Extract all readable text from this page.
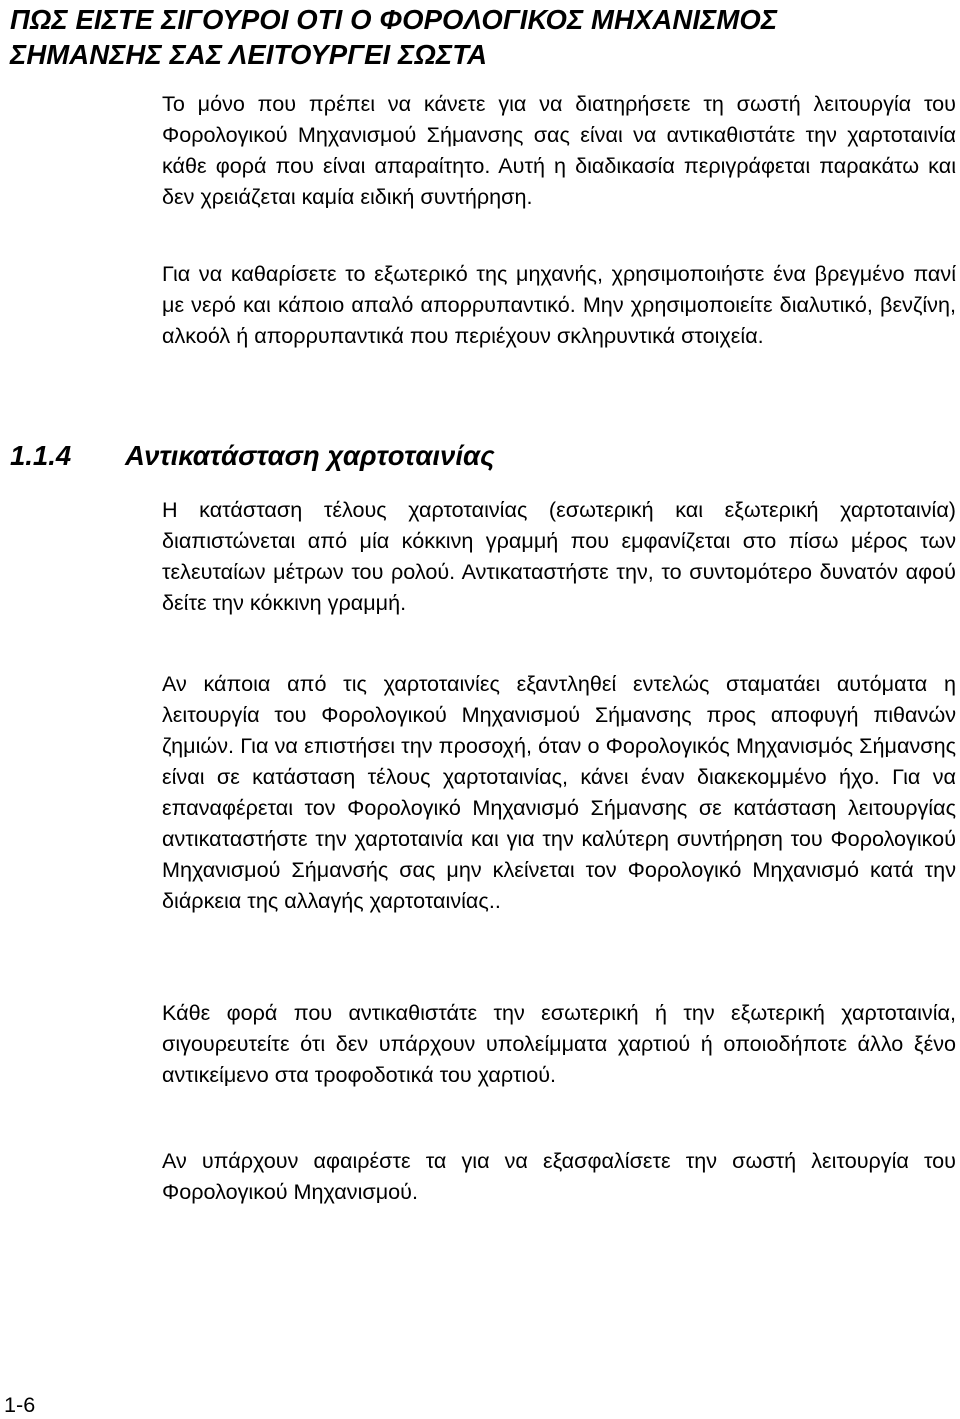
ΠΩΣ ΕΙΣΤΕ ΣΙΓΟΥΡΟΙ ΟΤΙ Ο ΦΟΡΟΛΟΓΙΚΟΣ ΜΗΧΑΝΙΣΜΟΣ
ΣΗΜΑΝΣΗΣ ΣΑΣ ΛΕΙΤΟΥΡΓΕΙ ΣΩΣΤΑ

Το μόνο που πρέπει να κάνετε για να διατηρήσετε τη σωστή λειτουργία του Φορολογικού Μηχανισμού Σήμανσης σας είναι να αντικαθιστάτε την χαρτοταινία κάθε φορά που είναι απαραίτητο. Αυτή η διαδικασία περιγράφεται παρακάτω και δεν χρειάζεται καμία ειδική συντήρηση.

Για να καθαρίσετε το εξωτερικό της μηχανής, χρησιμοποιήστε ένα βρεγμένο πανί με νερό και κάποιο απαλό απορρυπαντικό. Μην χρησιμοποιείτε διαλυτικό, βενζίνη, αλκοόλ ή απορρυπαντικά που περιέχουν σκληρυντικά στοιχεία.

1.1.4 Αντικατάσταση χαρτοταινίας

Η κατάσταση τέλους χαρτοταινίας (εσωτερική και εξωτερική χαρτοταινία) διαπιστώνεται από μία κόκκινη γραμμή που εμφανίζεται στο πίσω μέρος των τελευταίων μέτρων του ρολού. Αντικαταστήστε την, το συντομότερο δυνατόν αφού δείτε την κόκκινη γραμμή.

Αν κάποια από τις χαρτοταινίες εξαντληθεί εντελώς σταματάει αυτόματα η λειτουργία του Φορολογικού Μηχανισμού Σήμανσης προς αποφυγή πιθανών ζημιών. Για να επιστήσει την προσοχή, όταν ο Φορολογικός Μηχανισμός Σήμανσης είναι σε κατάσταση τέλους χαρτοταινίας, κάνει έναν διακεκομμένο ήχο. Για να επαναφέρεται τον Φορολογικό Μηχανισμό Σήμανσης σε κατάσταση λειτουργίας αντικαταστήστε την χαρτοταινία και για την καλύτερη συντήρηση του Φορολογικού Μηχανισμού Σήμανσής σας μην κλείνεται τον Φορολογικό Μηχανισμό κατά την διάρκεια της αλλαγής χαρτοταινίας..

Κάθε φορά που αντικαθιστάτε την εσωτερική ή την εξωτερική χαρτοταινία, σιγουρευτείτε ότι δεν υπάρχουν υπολείμματα χαρτιού ή οποιοδήποτε άλλο ξένο αντικείμενο στα τροφοδοτικά του χαρτιού.

Αν υπάρχουν αφαιρέστε τα για να εξασφαλίσετε την σωστή λειτουργία του Φορολογικού Μηχανισμού.

1-6
